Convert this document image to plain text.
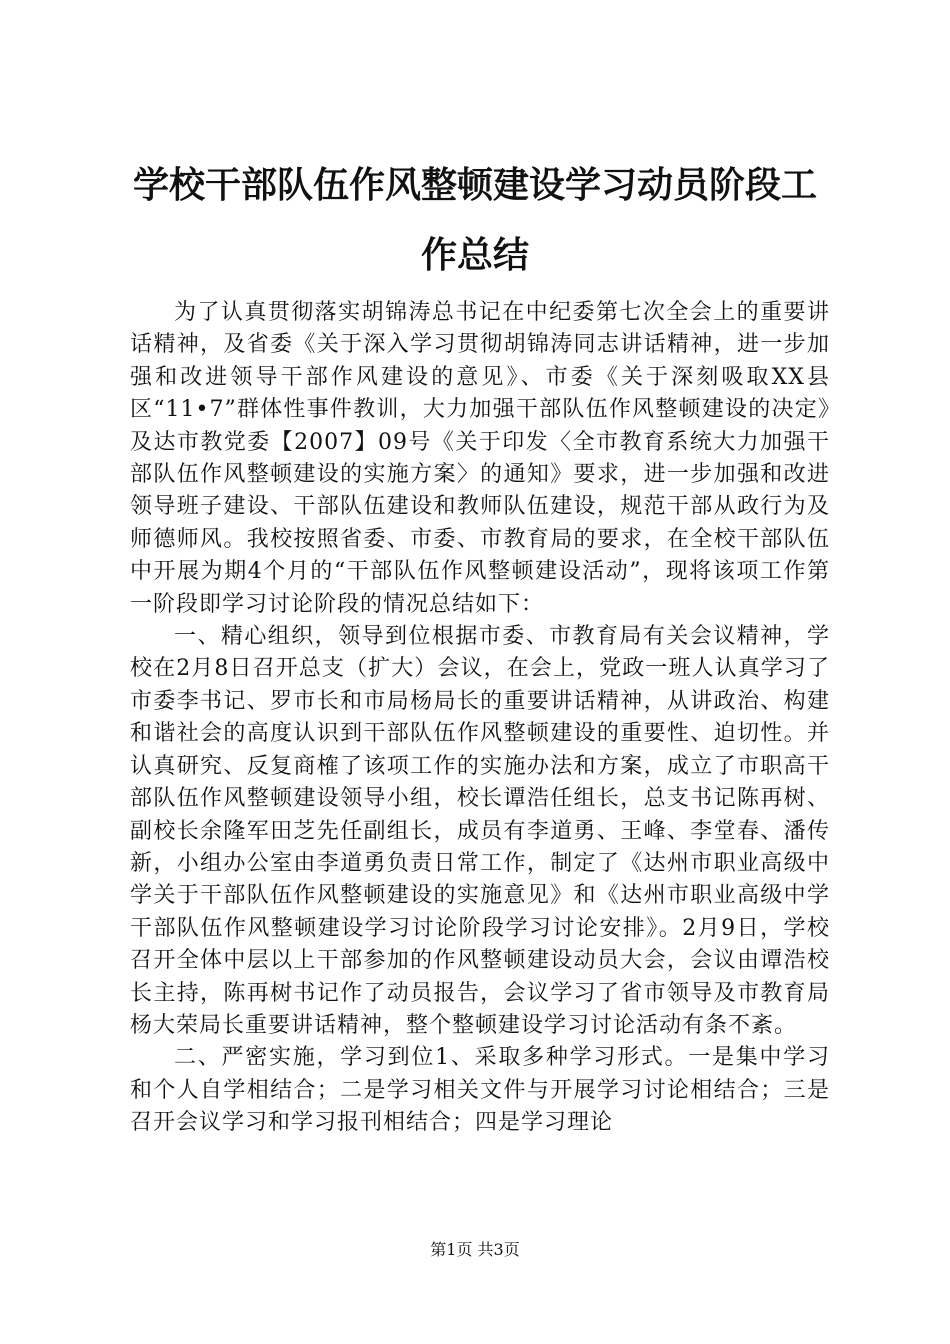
学校干部队伍作风整顿建设学习动员阶段工作总结

为了认真贯彻落实胡锦涛总书记在中纪委第七次全会上的重要讲话精神，及省委《关于深入学习贯彻胡锦涛同志讲话精神，进一步加强和改进领导干部作风建设的意见》、市委《关于深刻吸取XX县区“11•7”群体性事件教训，大力加强干部队伍作风整顿建设的决定》及达市教党委【2007】09号《关于印发〈全市教育系统大力加强干部队伍作风整顿建设的实施方案〉的通知》要求，进一步加强和改进领导班子建设、干部队伍建设和教师队伍建设，规范干部从政行为及师德师风。我校按照省委、市委、市教育局的要求，在全校干部队伍中开展为期4个月的“干部队伍作风整顿建设活动”，现将该项工作第一阶段即学习讨论阶段的情况总结如下：

一、精心组织，领导到位根据市委、市教育局有关会议精神，学校在2月8日召开总支（扩大）会议，在会上，党政一班人认真学习了市委李书记、罗市长和市局杨局长的重要讲话精神，从讲政治、构建和谐社会的高度认识到干部队伍作风整顿建设的重要性、迫切性。并认真研究、反复商榷了该项工作的实施办法和方案，成立了市职高干部队伍作风整顿建设领导小组，校长谭浩任组长，总支书记陈再树、副校长余隆军田芝先任副组长，成员有李道勇、王峰、李堂春、潘传新，小组办公室由李道勇负责日常工作，制定了《达州市职业高级中学关于干部队伍作风整顿建设的实施意见》和《达州市职业高级中学干部队伍作风整顿建设学习讨论阶段学习讨论安排》。2月9日，学校召开全体中层以上干部参加的作风整顿建设动员大会，会议由谭浩校长主持，陈再树书记作了动员报告，会议学习了省市领导及市教育局杨大荣局长重要讲话精神，整个整顿建设学习讨论活动有条不紊。

二、严密实施，学习到位1、采取多种学习形式。一是集中学习和个人自学相结合；二是学习相关文件与开展学习讨论相结合；三是召开会议学习和学习报刊相结合；四是学习理论

第1页 共3页
